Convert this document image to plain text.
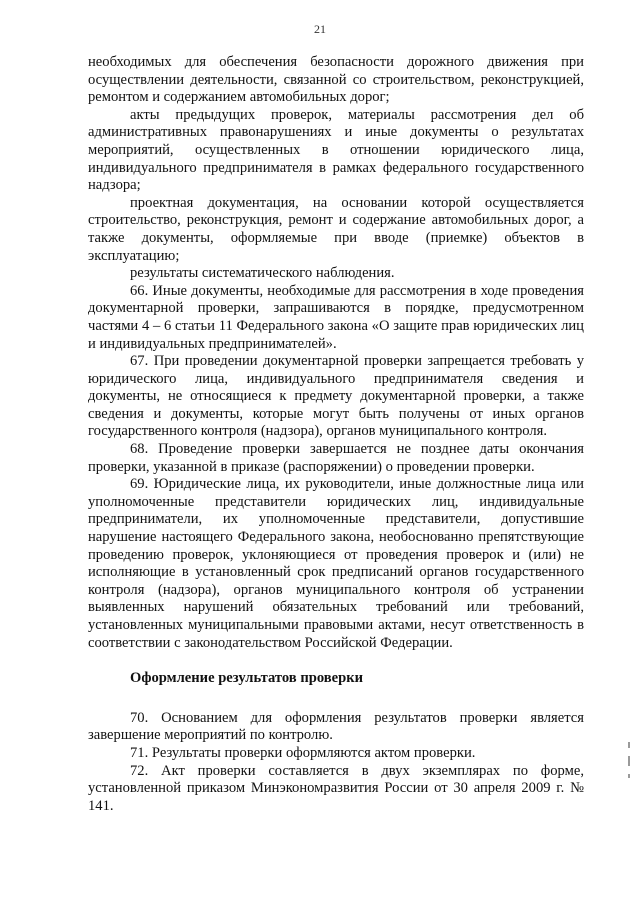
21

необходимых для обеспечения безопасности дорожного движения при осуществлении деятельности, связанной со строительством, реконструкцией, ремонтом и содержанием автомобильных дорог;

акты предыдущих проверок, материалы рассмотрения дел об административных правонарушениях и иные документы о результатах мероприятий, осуществленных в отношении юридического лица, индивидуального предпринимателя в рамках федерального государственного надзора;

проектная документация, на основании которой осуществляется строительство, реконструкция, ремонт и содержание автомобильных дорог, а также документы, оформляемые при вводе (приемке) объектов в эксплуатацию;

результаты систематического наблюдения.

66. Иные документы, необходимые для рассмотрения в ходе проведения документарной проверки, запрашиваются в порядке, предусмотренном частями 4 – 6 статьи 11 Федерального закона «О защите прав юридических лиц и индивидуальных предпринимателей».

67. При проведении документарной проверки запрещается требовать у юридического лица, индивидуального предпринимателя сведения и документы, не относящиеся к предмету документарной проверки, а также сведения и документы, которые могут быть получены от иных органов государственного контроля (надзора), органов муниципального контроля.

68. Проведение проверки завершается не позднее даты окончания проверки, указанной в приказе (распоряжении) о проведении проверки.

69. Юридические лица, их руководители, иные должностные лица или уполномоченные представители юридических лиц, индивидуальные предприниматели, их уполномоченные представители, допустившие нарушение настоящего Федерального закона, необоснованно препятствующие проведению проверок, уклоняющиеся от проведения проверок и (или) не исполняющие в установленный срок предписаний органов государственного контроля (надзора), органов муниципального контроля об устранении выявленных нарушений обязательных требований или требований, установленных муниципальными правовыми актами, несут ответственность в соответствии с законодательством Российской Федерации.

Оформление результатов проверки

70. Основанием для оформления результатов проверки является завершение мероприятий по контролю.

71. Результаты проверки оформляются актом проверки.

72. Акт проверки составляется в двух экземплярах по форме, установленной приказом Минэкономразвития России от 30 апреля 2009 г. № 141.
